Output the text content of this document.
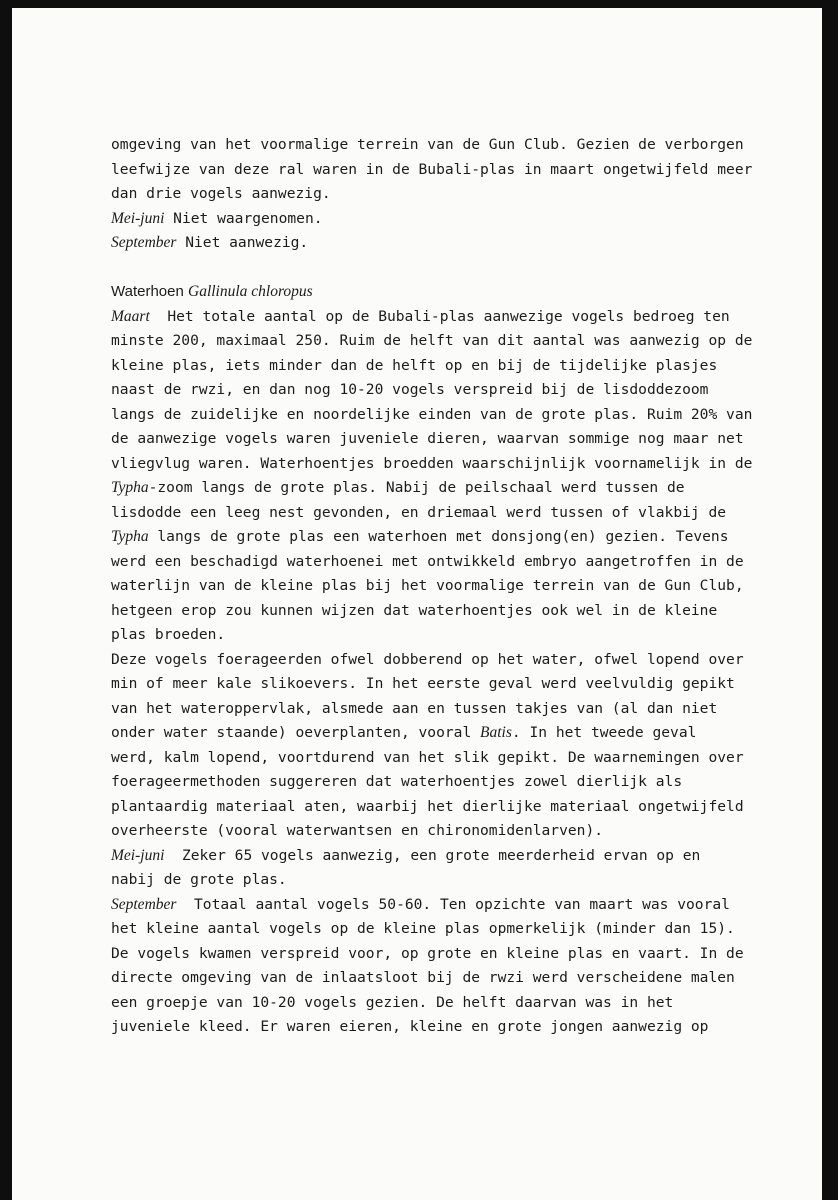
omgeving van het voormalige terrein van de Gun Club. Gezien de verborgen
leefwijze van deze ral waren in de Bubali-plas in maart ongetwijfeld meer
dan drie vogels aanwezig.
Mei-juni Niet waargenomen.
September Niet aanwezig.
Waterhoen Gallinula chloropus
Maart  Het totale aantal op de Bubali-plas aanwezige vogels bedroeg ten
minste 200, maximaal 250. Ruim de helft van dit aantal was aanwezig op de
kleine plas, iets minder dan de helft op en bij de tijdelijke plasjes
naast de rwzi, en dan nog 10-20 vogels verspreid bij de lisdoddezoom
langs de zuidelijke en noordelijke einden van de grote plas. Ruim 20% van
de aanwezige vogels waren juveniele dieren, waarvan sommige nog maar net
vliegvlug waren. Waterhoentjes broedden waarschijnlijk voornamelijk in de
Typha-zoom langs de grote plas. Nabij de peilschaal werd tussen de
lisdodde een leeg nest gevonden, en driemaal werd tussen of vlakbij de
Typha langs de grote plas een waterhoen met donsjong(en) gezien. Tevens
werd een beschadigd waterhoenei met ontwikkeld embryo aangetroffen in de
waterlijn van de kleine plas bij het voormalige terrein van de Gun Club,
hetgeen erop zou kunnen wijzen dat waterhoentjes ook wel in de kleine
plas broeden.
Deze vogels foerageerden ofwel dobberend op het water, ofwel lopend over
min of meer kale slikoevers. In het eerste geval werd veelvuldig gepikt
van het wateroppervlak, alsmede aan en tussen takjes van (al dan niet
onder water staande) oeverplanten, vooral Batis. In het tweede geval
werd, kalm lopend, voortdurend van het slik gepikt. De waarnemingen over
foerageermethoden suggereren dat waterhoentjes zowel dierlijk als
plantaardig materiaal aten, waarbij het dierlijke materiaal ongetwijfeld
overheerste (vooral waterwantsen en chironomidenlarven).
Mei-juni  Zeker 65 vogels aanwezig, een grote meerderheid ervan op en
nabij de grote plas.
September  Totaal aantal vogels 50-60. Ten opzichte van maart was vooral
het kleine aantal vogels op de kleine plas opmerkelijk (minder dan 15).
De vogels kwamen verspreid voor, op grote en kleine plas en vaart. In de
directe omgeving van de inlaatsloot bij de rwzi werd verscheidene malen
een groepje van 10-20 vogels gezien. De helft daarvan was in het
juveniele kleed. Er waren eieren, kleine en grote jongen aanwezig op
